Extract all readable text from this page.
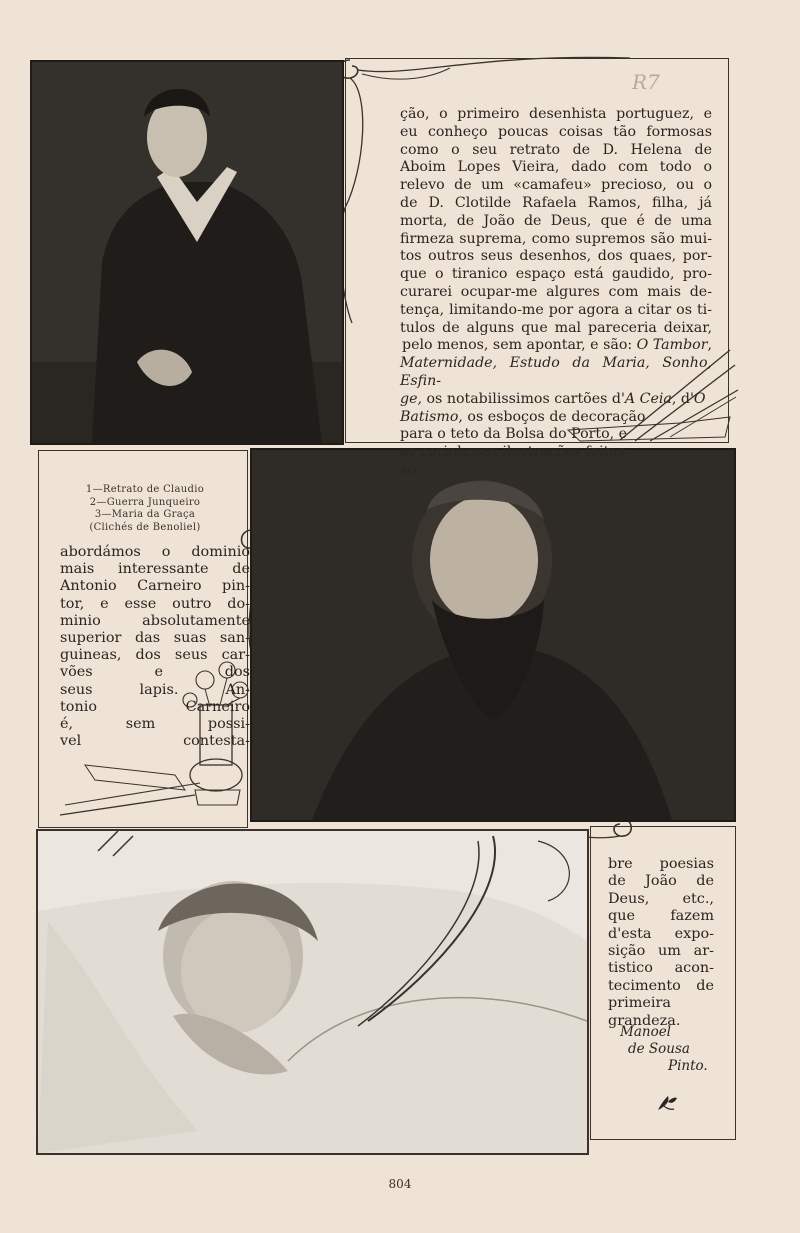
R7

ção, o primeiro desenhista portuguez, e
eu conheço poucas coisas tão formosas
como o seu retrato de D. Helena de
Aboim Lopes Vieira, dado com todo o
relevo de um «camafeu» precioso, ou o
de D. Clotilde Rafaela Ramos, filha, já
morta, de João de Deus, que é de uma
firmeza suprema, como supremos são mui-
tos outros seus desenhos, dos quaes, por-
que o tiranico espaço está gaudido, pro-
curarei ocupar-me algures com mais de-
tença, limitando-me por agora a citar os ti-
tulos de alguns que mal pareceria deixar,

pelo menos, sem apontar, e são: O Tambor,

Maternidade, Estudo da Maria, Sonho, Esfin-

ge, os notabilissimos cartões d'A Ceia, d'O

Batismo, os esboços de decoração

para o teto da Bolsa do Porto, e

as carinhosas ilustrações feitas so-

1—Retrato de Claudio
2—Guerra Junqueiro
3—Maria da Graça
(Clichés de Benoliel)

abordámos o dominio
mais interessante de
Antonio Carneiro pin-
tor, e esse outro do-
minio absolutamente
superior das suas san-
guineas, dos seus car-
vões e dos
seus lapis. An-
tonio Carneiro
é, sem possi-
vel contesta-

bre poesias
de João de
Deus, etc.,
que fazem
d'esta expo-
sição um ar-
tistico acon-
tecimento de
primeira
grandeza.

Manoel
de Sousa
Pinto.
804
